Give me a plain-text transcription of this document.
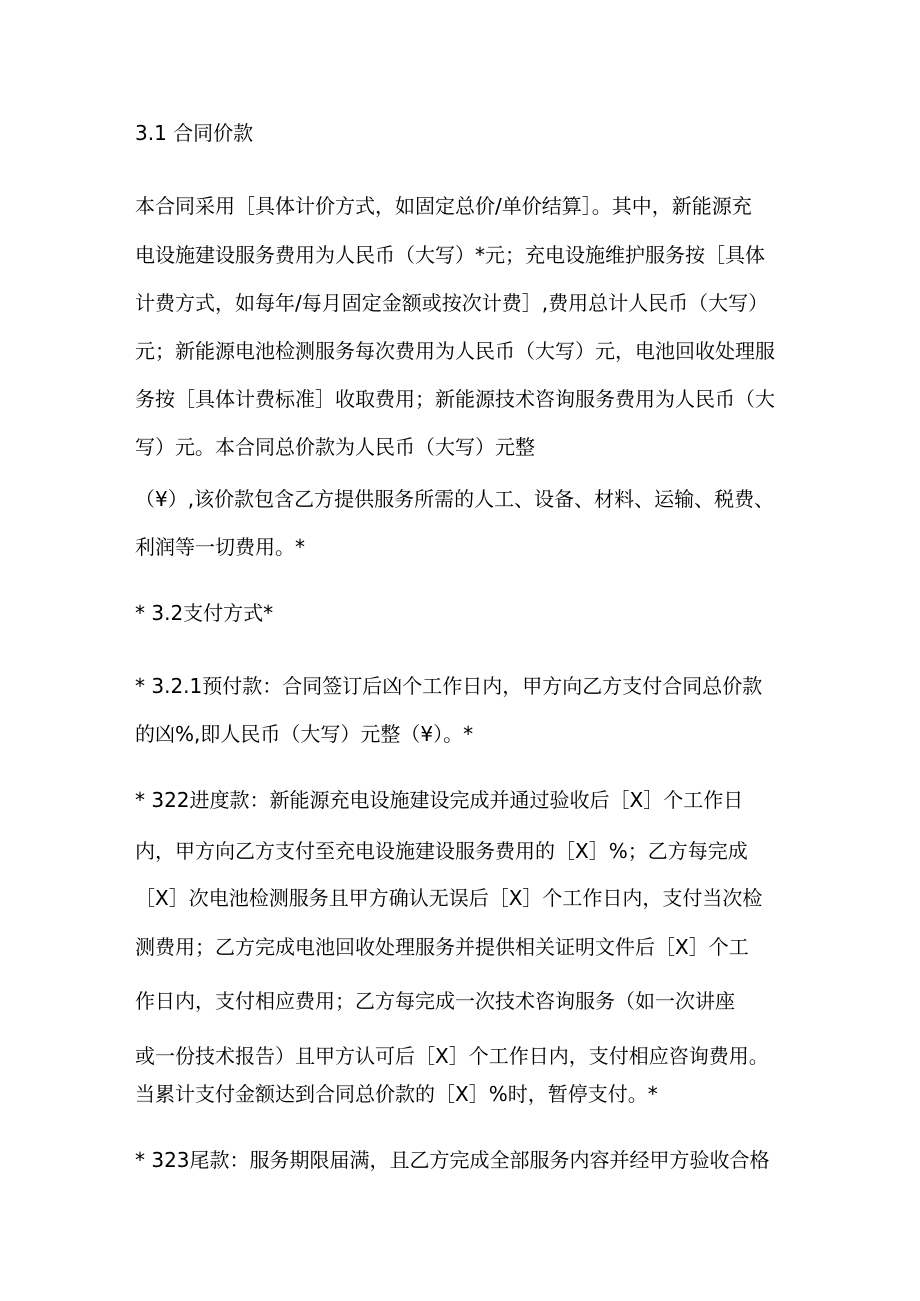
3.1 合同价款

本合同采用［具体计价方式，如固定总价/单价结算］。其中，新能源充

电设施建设服务费用为人民币（大写）*元；充电设施维护服务按［具体

计费方式，如每年/每月固定金额或按次计费］,费用总计人民币（大写）

元；新能源电池检测服务每次费用为人民币（大写）元，电池回收处理服

务按［具体计费标准］收取费用；新能源技术咨询服务费用为人民币（大

写）元。本合同总价款为人民币（大写）元整

（¥）,该价款包含乙方提供服务所需的人工、设备、材料、运输、税费、

利润等一切费用。*

* 3.2支付方式*

* 3.2.1预付款：合同签订后凶个工作日内，甲方向乙方支付合同总价款

的凶%,即人民币（大写）元整（¥）。*

* 322进度款：新能源充电设施建设完成并通过验收后［X］个工作日

内，甲方向乙方支付至充电设施建设服务费用的［X］%；乙方每完成

［X］次电池检测服务且甲方确认无误后［X］个工作日内，支付当次检

测费用；乙方完成电池回收处理服务并提供相关证明文件后［X］个工

作日内，支付相应费用；乙方每完成一次技术咨询服务（如一次讲座

或一份技术报告）且甲方认可后［X］个工作日内，支付相应咨询费用。

当累计支付金额达到合同总价款的［X］%时，暂停支付。*

* 323尾款：服务期限届满，且乙方完成全部服务内容并经甲方验收合格
